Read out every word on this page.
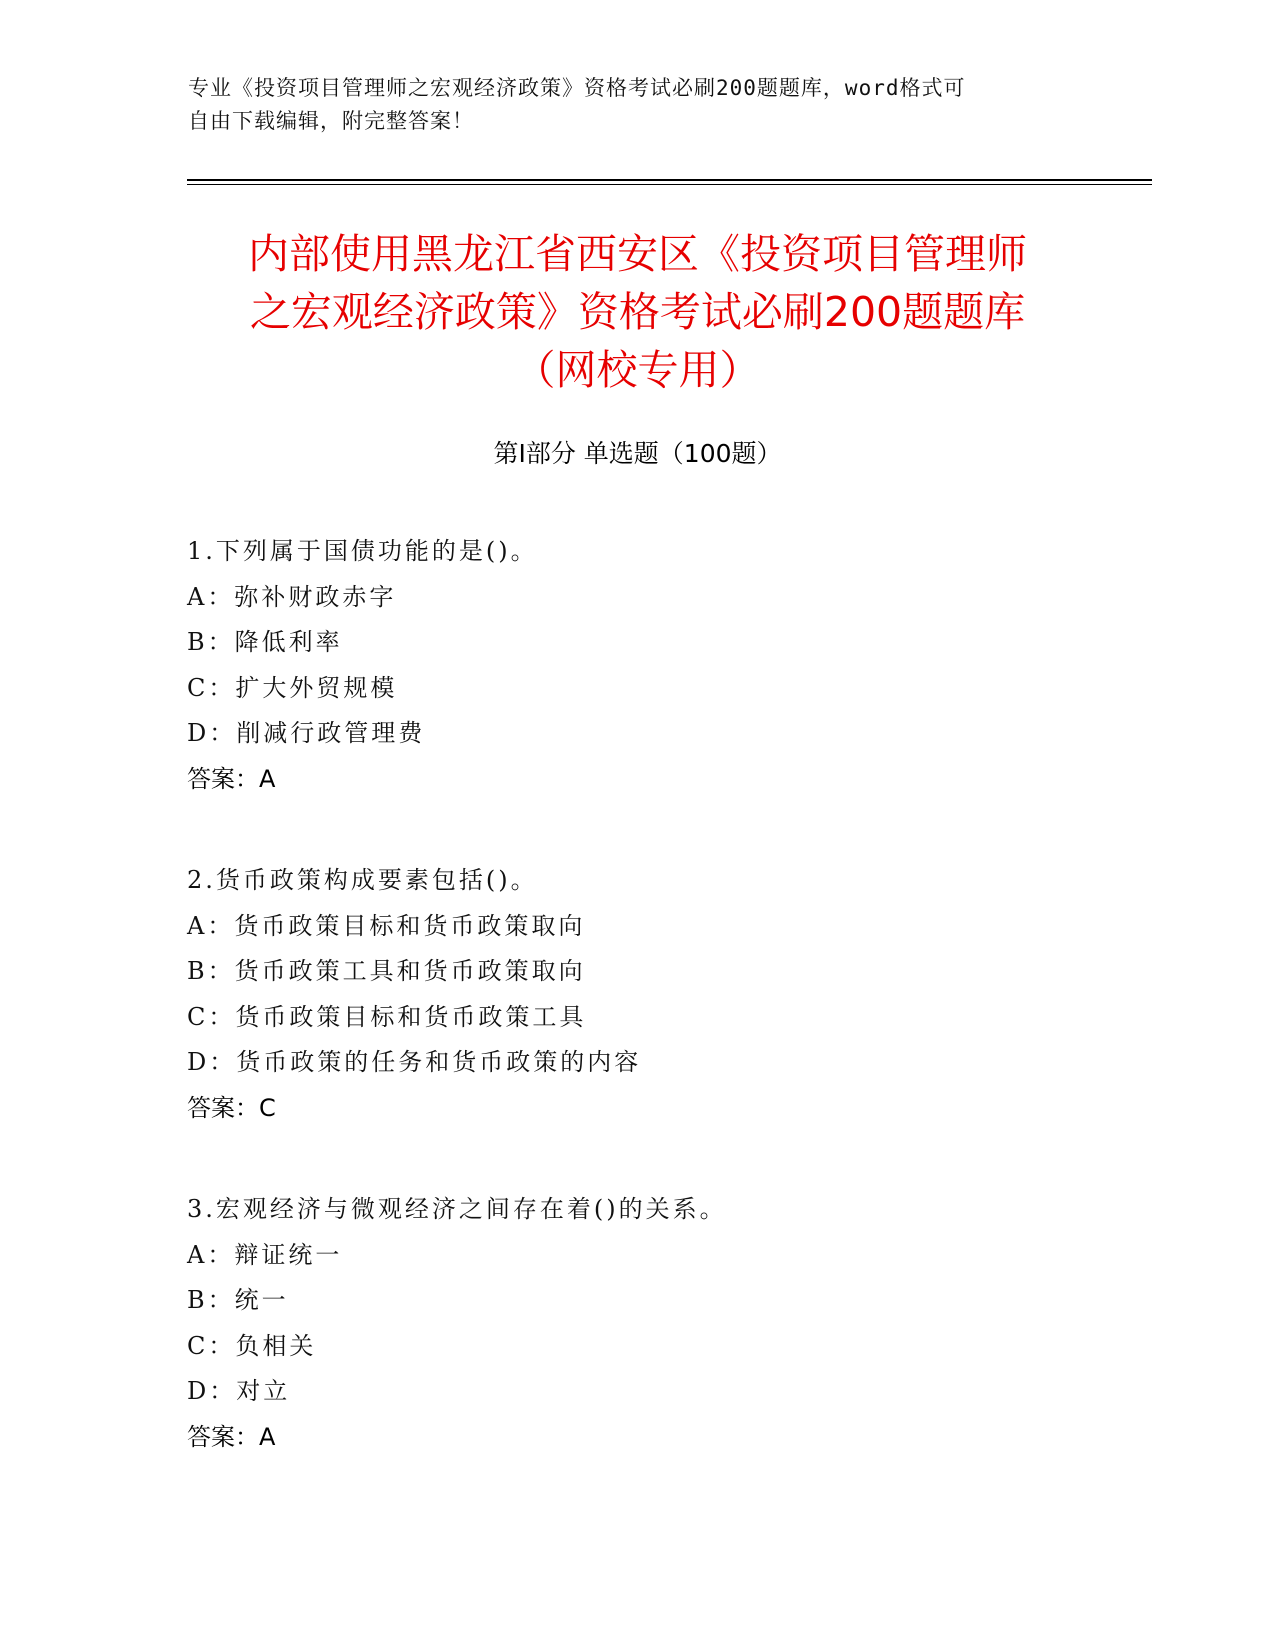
专业《投资项目管理师之宏观经济政策》资格考试必刷200题题库，word格式可
自由下载编辑，附完整答案！
内部使用黑龙江省西安区《投资项目管理师
之宏观经济政策》资格考试必刷200题题库
（网校专用）
第Ⅰ部分 单选题（100题）
1.下列属于国债功能的是()。
A：弥补财政赤字
B：降低利率
C：扩大外贸规模
D：削减行政管理费
答案：A
2.货币政策构成要素包括()。
A：货币政策目标和货币政策取向
B：货币政策工具和货币政策取向
C：货币政策目标和货币政策工具
D：货币政策的任务和货币政策的内容
答案：C
3.宏观经济与微观经济之间存在着()的关系。
A：辩证统一
B：统一
C：负相关
D：对立
答案：A
